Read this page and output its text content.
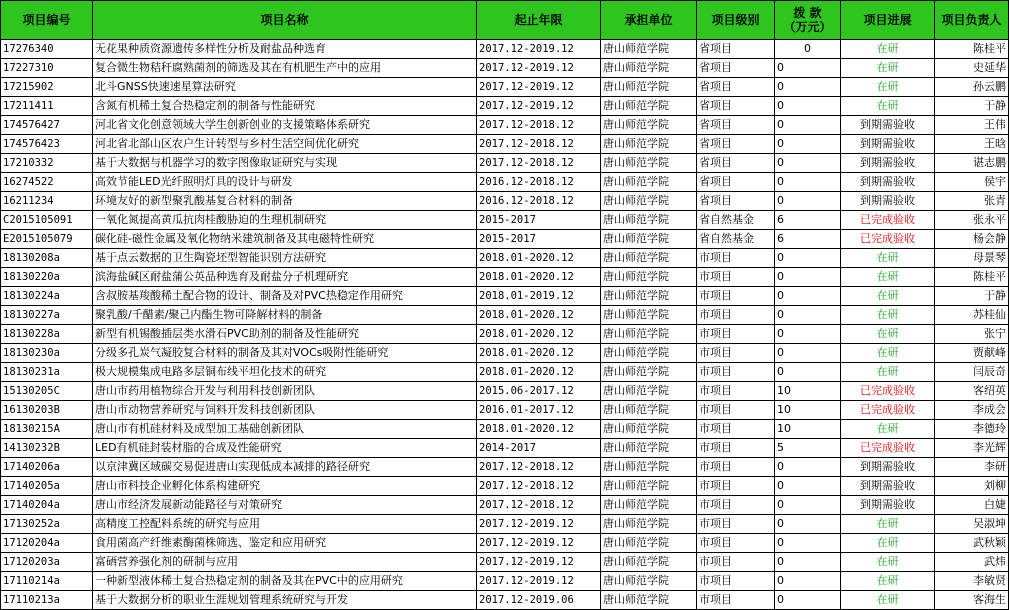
项目编号	项目名称	起止年限	承担单位	项目级别	拨 款
（万元）	项目进展	项目负责人
17276340	无花果种质资源遗传多样性分析及耐盐品种选育	2017.12-2019.12	唐山师范学院	省项目	0	在研	陈桂平
17227310	复合微生物秸秆腐熟菌剂的筛选及其在有机肥生产中的应用	2017.12-2019.12	唐山师范学院	省项目	0	在研	史延华
17215902	北斗GNSS快速速星算法研究	2017.12-2019.12	唐山师范学院	省项目	0	在研	孙云鹏
17211411	含氮有机稀土复合热稳定剂的制备与性能研究	2017.12-2019.12	唐山师范学院	省项目	0	在研	于静
174576427	河北省文化创意领域大学生创新创业的支援策略体系研究	2017.12-2018.12	唐山师范学院	省项目	0	到期需验收	王伟
174576423	河北省北部山区农户生计转型与乡村生活空间优化研究	2017.12-2018.12	唐山师范学院	省项目	0	到期需验收	王晗
17210332	基于大数据与机器学习的数字图像取证研究与实现	2017.12-2018.12	唐山师范学院	省项目	0	到期需验收	谌志鹏
16274522	高效节能LED光纤照明灯具的设计与研发	2016.12-2018.12	唐山师范学院	省项目	0	到期需验收	侯宇
16211234	环境友好的新型聚乳酸基复合材料的制备	2016.12-2018.12	唐山师范学院	省项目	0	到期需验收	张青
C2015105091	一氧化氮提高黄瓜抗肉桂酸胁迫的生理机制研究	2015-2017	唐山师范学院	省自然基金	6	已完成验收	张永平
E2015105079	碳化硅-磁性金属及氧化物纳米建筑制备及其电磁特性研究	2015-2017	唐山师范学院	省自然基金	6	已完成验收	杨会静
18130208a	基于点云数据的卫生陶瓷坯型智能识别方法研究	2018.01-2020.12	唐山师范学院	市项目	0	在研	母景琴
18130220a	滨海盐碱区耐盐蒲公英品种选育及耐盐分子机理研究	2018.01-2020.12	唐山师范学院	市项目	0	在研	陈桂平
18130224a	含叔胺基羧酸稀土配合物的设计、制备及对PVC热稳定作用研究	2018.01-2019.12	唐山师范学院	市项目	0	在研	于静
18130227a	聚乳酸/千醋素/聚己内酯生物可降解材料的制备	2018.01-2020.12	唐山师范学院	市项目	0	在研	苏桂仙
18130228a	新型有机锡酸插层类水滑石PVC助剂的制备及性能研究	2018.01-2020.12	唐山师范学院	市项目	0	在研	张宁
18130230a	分级多孔炭气凝胶复合材料的制备及其对VOCs吸附性能研究	2018.01-2020.12	唐山师范学院	市项目	0	在研	贾献峰
18130231a	极大规模集成电路多层铜布线平坦化技术的研究	2018.01-2020.12	唐山师范学院	市项目	0	在研	闫辰奇
15130205C	唐山市药用植物综合开发与利用科技创新团队	2015.06-2017.12	唐山师范学院	市项目	10	已完成验收	客绍英
16130203B	唐山市动物营养研究与饲料开发科技创新团队	2016.01-2017.12	唐山师范学院	市项目	10	已完成验收	李成会
18130215A	唐山市有机硅材料及成型加工基础创新团队	2018.01-2020.12	唐山师范学院	市项目	10	在研	李德玲
14130232B	LED有机硅封装材脂的合成及性能研究	2014-2017	唐山师范学院	市项目	5	已完成验收	李光辉
17140206a	以京津冀区域碳交易促进唐山实现低成本减排的路径研究	2017.12-2018.12	唐山师范学院	市项目	0	到期需验收	李研
17140205a	唐山市科技企业孵化体系构建研究	2017.12-2018.12	唐山师范学院	市项目	0	到期需验收	刘柳
17140204a	唐山市经济发展新动能路径与对策研究	2017.12-2018.12	唐山师范学院	市项目	0	到期需验收	白婕
17130252a	高精度工控配料系统的研究与应用	2017.12-2019.12	唐山师范学院	市项目	0	在研	吴淑坤
17120204a	食用菌高产纤维素酶菌株筛选、鉴定和应用研究	2017.12-2019.12	唐山师范学院	市项目	0	在研	武秋颖
17120203a	富硒营养强化剂的研制与应用	2017.12-2019.12	唐山师范学院	市项目	0	在研	武炜
17110214a	一种新型液体稀土复合热稳定剂的制备及其在PVC中的应用研究	2017.12-2019.12	唐山师范学院	市项目	0	在研	李敏贤
17110213a	基于大数据分析的职业生涯规划管理系统研究与开发	2017.12-2019.06	唐山师范学院	市项目	0	在研	客海生
